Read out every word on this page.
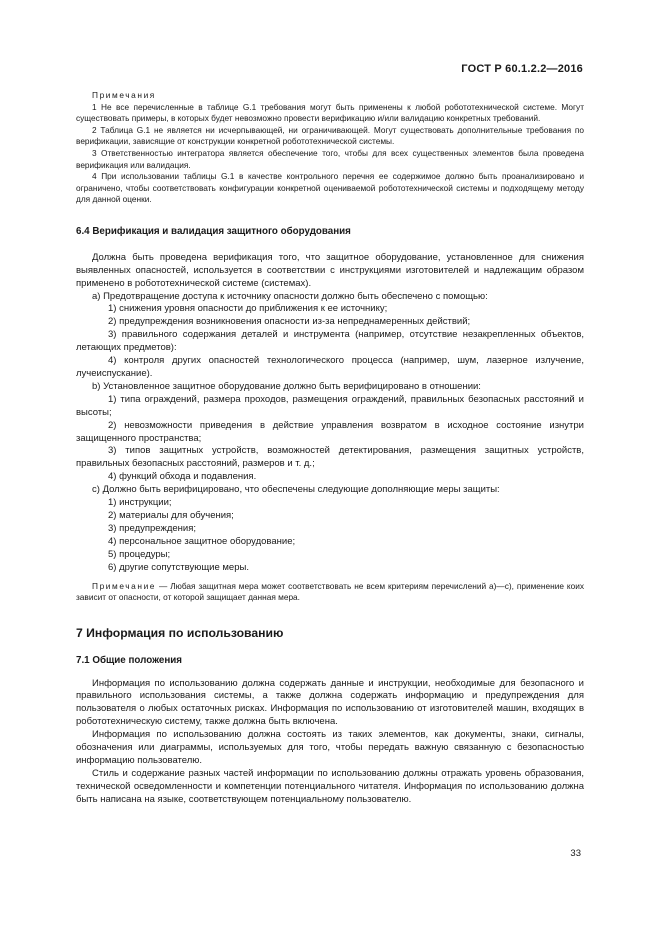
ГОСТ Р 60.1.2.2—2016

Примечания

1 Не все перечисленные в таблице G.1 требования могут быть применены к любой робототехнической системе. Могут существовать примеры, в которых будет невозможно провести верификацию и/или валидацию конкретных требований.

2 Таблица G.1 не является ни исчерпывающей, ни ограничивающей. Могут существовать дополнительные требования по верификации, зависящие от конструкции конкретной робототехнической системы.

3 Ответственностью интегратора является обеспечение того, чтобы для всех существенных элементов была проведена верификация или валидация.

4 При использовании таблицы G.1 в качестве контрольного перечня ее содержимое должно быть проанализировано и ограничено, чтобы соответствовать конфигурации конкретной оцениваемой робототехнической системы и подходящему методу для данной оценки.

6.4 Верификация и валидация защитного оборудования

Должна быть проведена верификация того, что защитное оборудование, установленное для снижения выявленных опасностей, используется в соответствии с инструкциями изготовителей и надлежащим образом применено в робототехнической системе (системах).

а) Предотвращение доступа к источнику опасности должно быть обеспечено с помощью:

1) снижения уровня опасности до приближения к ее источнику;

2) предупреждения возникновения опасности из-за непреднамеренных действий;

3) правильного содержания деталей и инструмента (например, отсутствие незакрепленных объектов, летающих предметов):

4) контроля других опасностей технологического процесса (например, шум, лазерное излучение, лучеиспускание).

b) Установленное защитное оборудование должно быть верифицировано в отношении:

1) типа ограждений, размера проходов, размещения ограждений, правильных безопасных расстояний и высоты;

2) невозможности приведения в действие управления возвратом в исходное состояние изнутри защищенного пространства;

3) типов защитных устройств, возможностей детектирования, размещения защитных устройств, правильных безопасных расстояний, размеров и т. д.;

4) функций обхода и подавления.

c) Должно быть верифицировано, что обеспечены следующие дополняющие меры защиты:

1) инструкции;

2) материалы для обучения;

3) предупреждения;

4) персональное защитное оборудование;

5) процедуры;

6) другие сопутствующие меры.

Примечание — Любая защитная мера может соответствовать не всем критериям перечислений а)—с), применение коих зависит от опасности, от которой защищает данная мера.

7 Информация по использованию
7.1 Общие положения

Информация по использованию должна содержать данные и инструкции, необходимые для безопасного и правильного использования системы, а также должна содержать информацию и предупреждения для пользователя о любых остаточных рисках. Информация по использованию от изготовителей машин, входящих в робототехническую систему, также должна быть включена.

Информация по использованию должна состоять из таких элементов, как документы, знаки, сигналы, обозначения или диаграммы, используемых для того, чтобы передать важную связанную с безопасностью информацию пользователю.

Стиль и содержание разных частей информации по использованию должны отражать уровень образования, технической осведомленности и компетенции потенциального читателя. Информация по использованию должна быть написана на языке, соответствующем потенциальному пользователю.

33
